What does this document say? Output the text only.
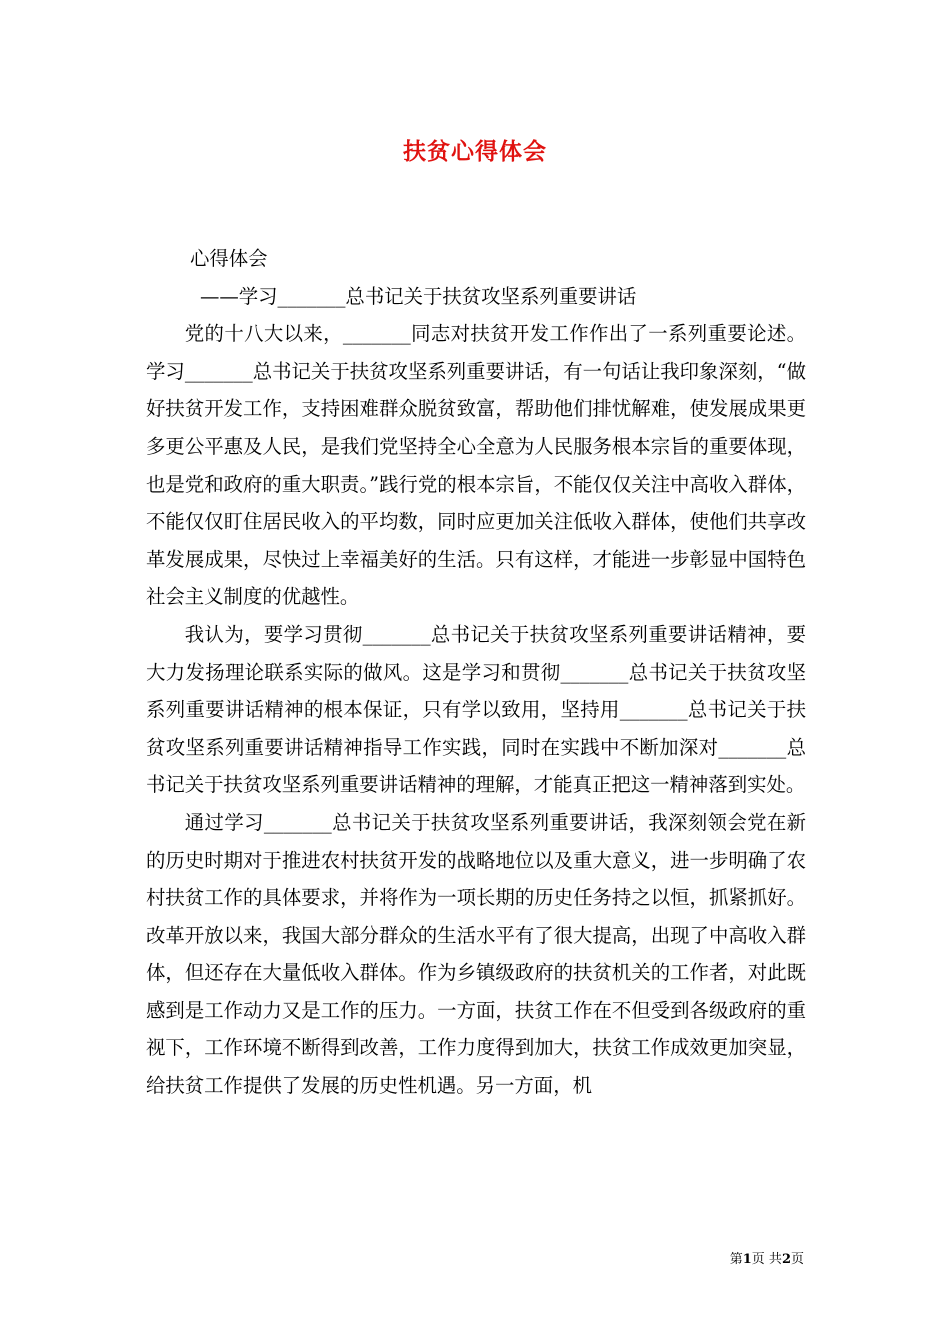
扶贫心得体会

心得体会

——学习_______总书记关于扶贫攻坚系列重要讲话

党的十八大以来，_______同志对扶贫开发工作作出了一系列重要论述。学习_______总书记关于扶贫攻坚系列重要讲话，有一句话让我印象深刻，“做好扶贫开发工作，支持困难群众脱贫致富，帮助他们排忧解难，使发展成果更多更公平惠及人民，是我们党坚持全心全意为人民服务根本宗旨的重要体现，也是党和政府的重大职责。”践行党的根本宗旨，不能仅仅关注中高收入群体，不能仅仅盯住居民收入的平均数，同时应更加关注低收入群体，使他们共享改革发展成果，尽快过上幸福美好的生活。只有这样，才能进一步彰显中国特色社会主义制度的优越性。

我认为，要学习贯彻_______总书记关于扶贫攻坚系列重要讲话精神，要大力发扬理论联系实际的做风。这是学习和贯彻_______总书记关于扶贫攻坚系列重要讲话精神的根本保证，只有学以致用，坚持用_______总书记关于扶贫攻坚系列重要讲话精神指导工作实践，同时在实践中不断加深对_______总书记关于扶贫攻坚系列重要讲话精神的理解，才能真正把这一精神落到实处。

通过学习_______总书记关于扶贫攻坚系列重要讲话，我深刻领会党在新的历史时期对于推进农村扶贫开发的战略地位以及重大意义，进一步明确了农村扶贫工作的具体要求，并将作为一项长期的历史任务持之以恒，抓紧抓好。改革开放以来，我国大部分群众的生活水平有了很大提高，出现了中高收入群体，但还存在大量低收入群体。作为乡镇级政府的扶贫机关的工作者，对此既感到是工作动力又是工作的压力。一方面，扶贫工作在不但受到各级政府的重视下，工作环境不断得到改善，工作力度得到加大，扶贫工作成效更加突显，给扶贫工作提供了发展的历史性机遇。另一方面，机

第1页 共2页
